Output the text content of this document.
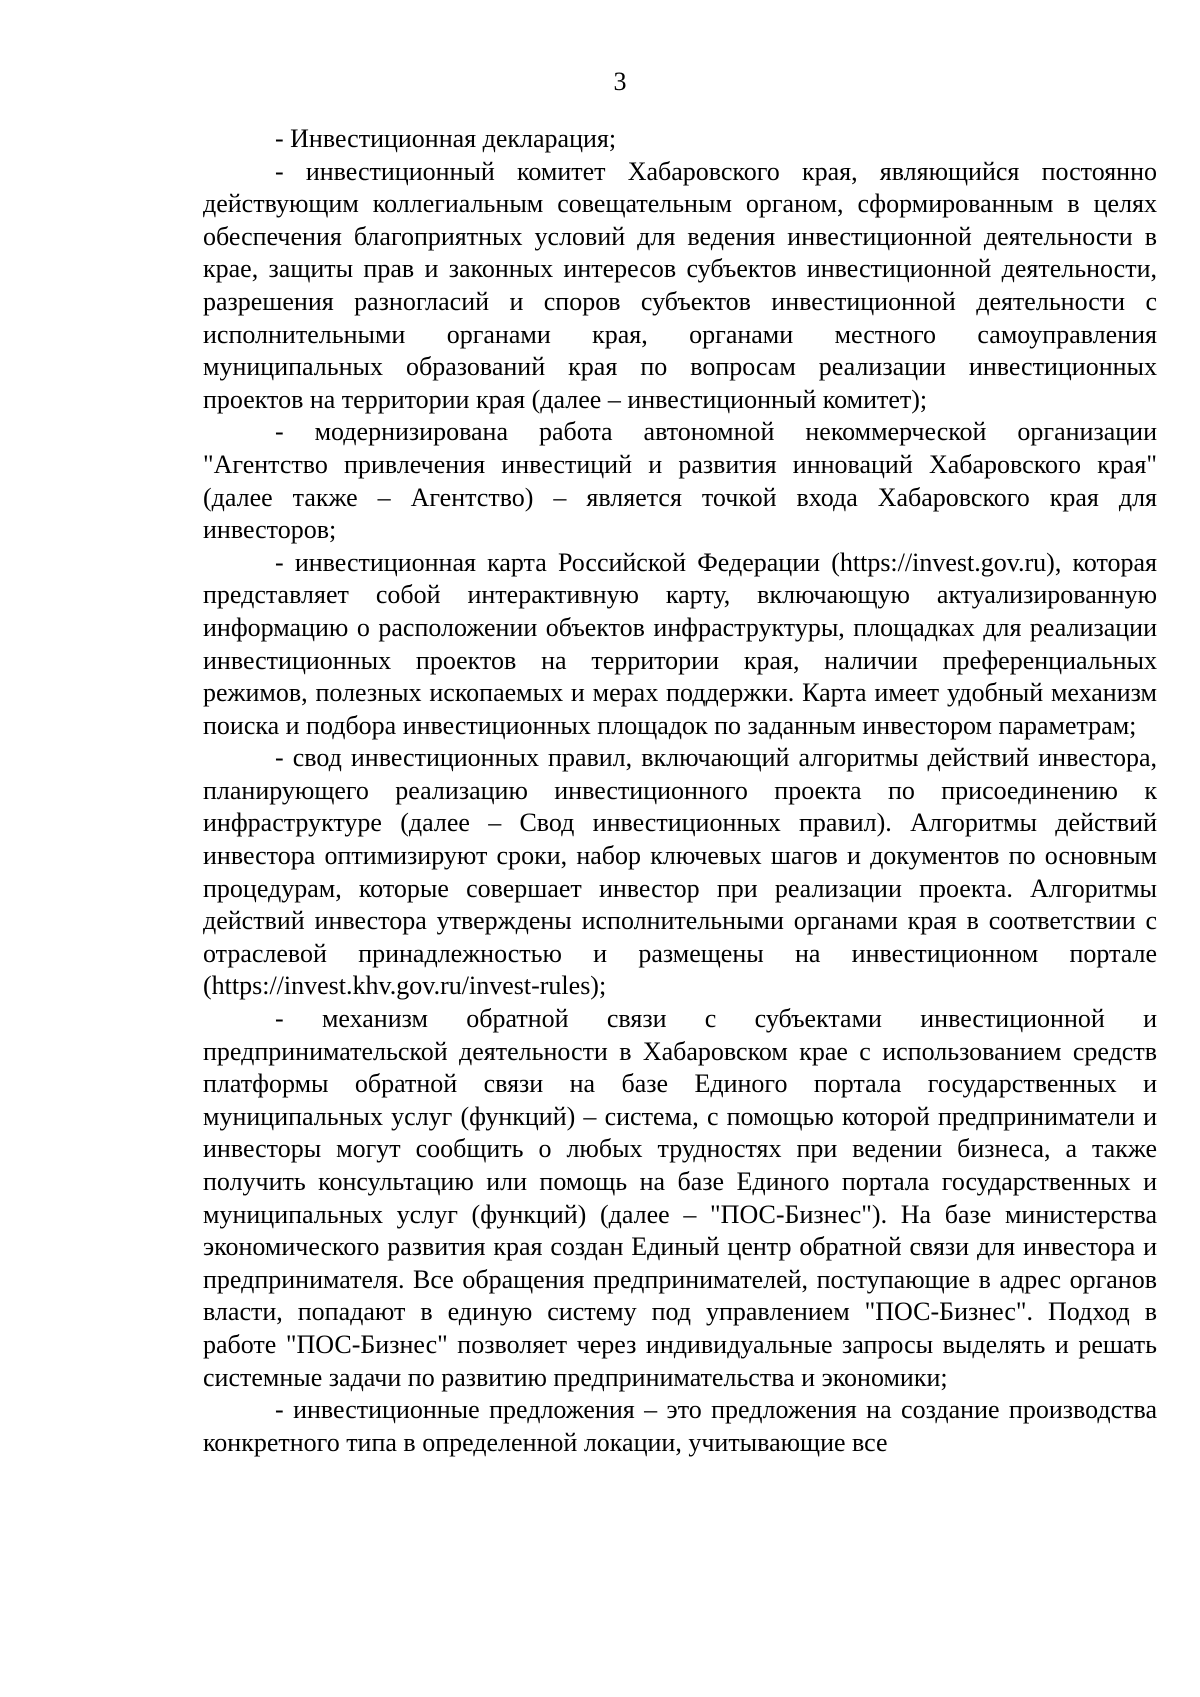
3

- Инвестиционная декларация;

- инвестиционный комитет Хабаровского края, являющийся постоянно действующим коллегиальным совещательным органом, сформированным в целях обеспечения благоприятных условий для ведения инвестиционной деятельности в крае, защиты прав и законных интересов субъектов инвестиционной деятельности, разрешения разногласий и споров субъектов инвестиционной деятельности с исполнительными органами края, органами местного самоуправления муниципальных образований края по вопросам реализации инвестиционных проектов на территории края (далее – инвестиционный комитет);

- модернизирована работа автономной некоммерческой организации "Агентство привлечения инвестиций и развития инноваций Хабаровского края" (далее также – Агентство) – является точкой входа Хабаровского края для инвесторов;

- инвестиционная карта Российской Федерации (https://invest.gov.ru), которая представляет собой интерактивную карту, включающую актуализированную информацию о расположении объектов инфраструктуры, площадках для реализации инвестиционных проектов на территории края, наличии преференциальных режимов, полезных ископаемых и мерах поддержки. Карта имеет удобный механизм поиска и подбора инвестиционных площадок по заданным инвестором параметрам;

- свод инвестиционных правил, включающий алгоритмы действий инвестора, планирующего реализацию инвестиционного проекта по присоединению к инфраструктуре (далее – Свод инвестиционных правил). Алгоритмы действий инвестора оптимизируют сроки, набор ключевых шагов и документов по основным процедурам, которые совершает инвестор при реализации проекта. Алгоритмы действий инвестора утверждены исполнительными органами края в соответствии с отраслевой принадлежностью и размещены на инвестиционном портале (https://invest.khv.gov.ru/invest-rules);

- механизм обратной связи с субъектами инвестиционной и предпринимательской деятельности в Хабаровском крае с использованием средств платформы обратной связи на базе Единого портала государственных и муниципальных услуг (функций) – система, с помощью которой предприниматели и инвесторы могут сообщить о любых трудностях при ведении бизнеса, а также получить консультацию или помощь на базе Единого портала государственных и муниципальных услуг (функций) (далее – "ПОС-Бизнес"). На базе министерства экономического развития края создан Единый центр обратной связи для инвестора и предпринимателя. Все обращения предпринимателей, поступающие в адрес органов власти, попадают в единую систему под управлением "ПОС-Бизнес". Подход в работе "ПОС-Бизнес" позволяет через индивидуальные запросы выделять и решать системные задачи по развитию предпринимательства и экономики;

- инвестиционные предложения – это предложения на создание производства конкретного типа в определенной локации, учитывающие все
